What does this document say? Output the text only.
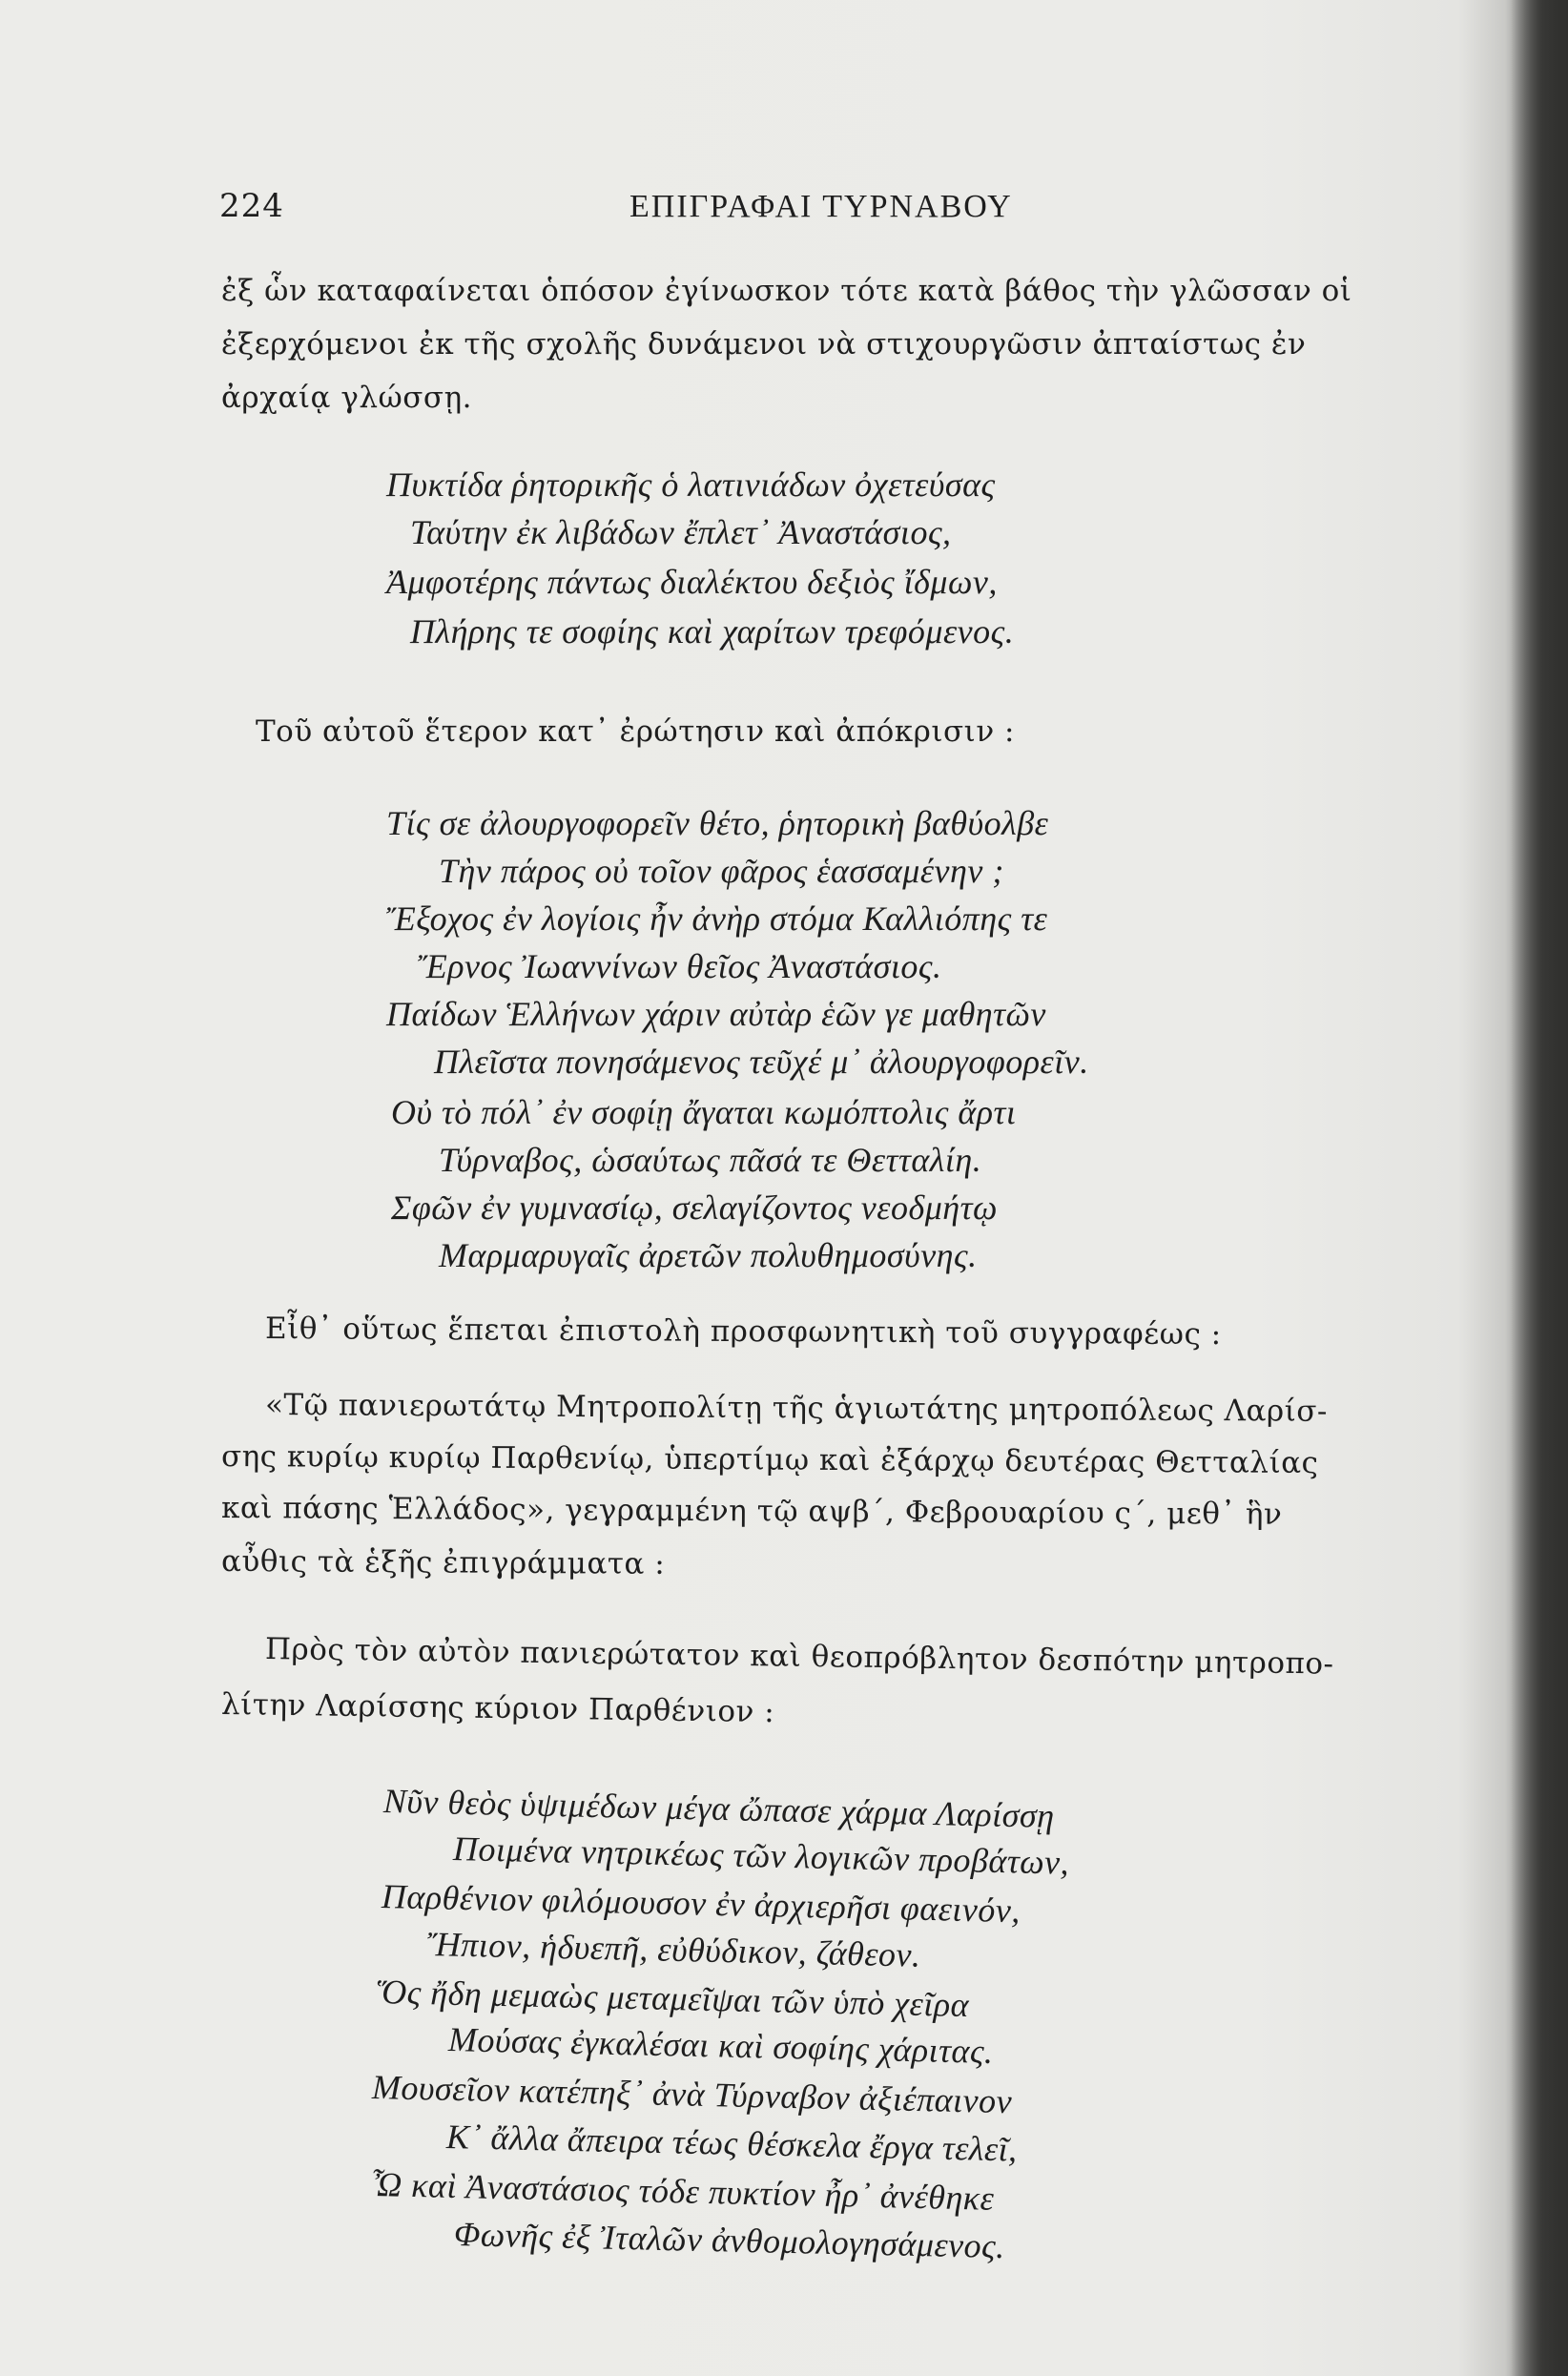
224	ΕΠΙΓΡΑΦΑΙ ΤΥΡΝΑΒΟΥ
ἐξ ὧν καταφαίνεται ὁπόσον ἐγίνωσκον τότε κατὰ βάθος τὴν γλῶσσαν οἱ
ἐξερχόμενοι ἐκ τῆς σχολῆς δυνάμενοι νὰ στιχουργῶσιν ἀπταίστως ἐν
ἀρχαίᾳ γλώσσῃ.
Πυκτίδα ῥητορικῆς ὁ λατινιάδων ὀχετεύσας
Ταύτην ἐκ λιβάδων ἔπλετ᾽ Ἀναστάσιος,
Ἀμφοτέρης πάντως διαλέκτου δεξιὸς ἴδμων,
Πλήρης τε σοφίης καὶ χαρίτων τρεφόμενος.
Τοῦ αὐτοῦ ἕτερον κατ᾽ ἐρώτησιν καὶ ἀπόκρισιν :
Τίς σε ἀλουργοφορεῖν θέτο, ῥητορικὴ βαθύολβε
Τὴν πάρος οὐ τοῖον φᾶρος ἑασσαμένην ;
Ἔξοχος ἐν λογίοις ἦν ἀνὴρ στόμα Καλλιόπης τε
Ἔρνος Ἰωαννίνων θεῖος Ἀναστάσιος.
Παίδων Ἑλλήνων χάριν αὐτὰρ ἑῶν γε μαθητῶν
Πλεῖστα πονησάμενος τεῦχέ μ᾽ ἀλουργοφορεῖν.
Οὐ τὸ πόλ᾽ ἐν σοφίῃ ἄγαται κωμόπτολις ἄρτι
Τύρναβος, ὡσαύτως πᾶσά τε Θετταλίη.
Σφῶν ἐν γυμνασίῳ, σελαγίζοντος νεοδμήτῳ
Μαρμαρυγαῖς ἀρετῶν πολυθημοσύνης.
Εἶθ᾽ οὕτως ἕπεται ἐπιστολὴ προσφωνητικὴ τοῦ συγγραφέως :
«Τῷ πανιερωτάτῳ Μητροπολίτῃ τῆς ἁγιωτάτης μητροπόλεως Λαρίσ-
σης κυρίῳ κυρίῳ Παρθενίῳ, ὑπερτίμῳ καὶ ἐξάρχῳ δευτέρας Θετταλίας
καὶ πάσης Ἑλλάδος», γεγραμμένη τῷ αψβ΄, Φεβρουαρίου ς΄, μεθ᾽ ἣν
αὖθις τὰ ἑξῆς ἐπιγράμματα :
Πρὸς τὸν αὐτὸν πανιερώτατον καὶ θεοπρόβλητον δεσπότην μητροπο-
λίτην Λαρίσσης κύριον Παρθένιον :
Νῦν θεὸς ὑψιμέδων μέγα ὤπασε χάρμα Λαρίσσῃ
Ποιμένα νητρικέως τῶν λογικῶν προβάτων,
Παρθένιον φιλόμουσον ἐν ἀρχιερῆσι φαεινόν,
Ἤπιον, ἡδυεπῆ, εὐθύδικον, ζάθεον.
Ὅς ἤδη μεμαὼς μεταμεῖψαι τῶν ὑπὸ χεῖρα
Μούσας ἐγκαλέσαι καὶ σοφίης χάριτας.
Μουσεῖον κατέπηξ᾽ ἀνὰ Τύρναβον ἀξιέπαινον
Κ᾽ ἄλλα ἄπειρα τέως θέσκελα ἔργα τελεῖ,
Ὦ καὶ Ἀναστάσιος τόδε πυκτίον ἦρ᾽ ἀνέθηκε
Φωνῆς ἐξ Ἰταλῶν ἀνθομολογησάμενος.
